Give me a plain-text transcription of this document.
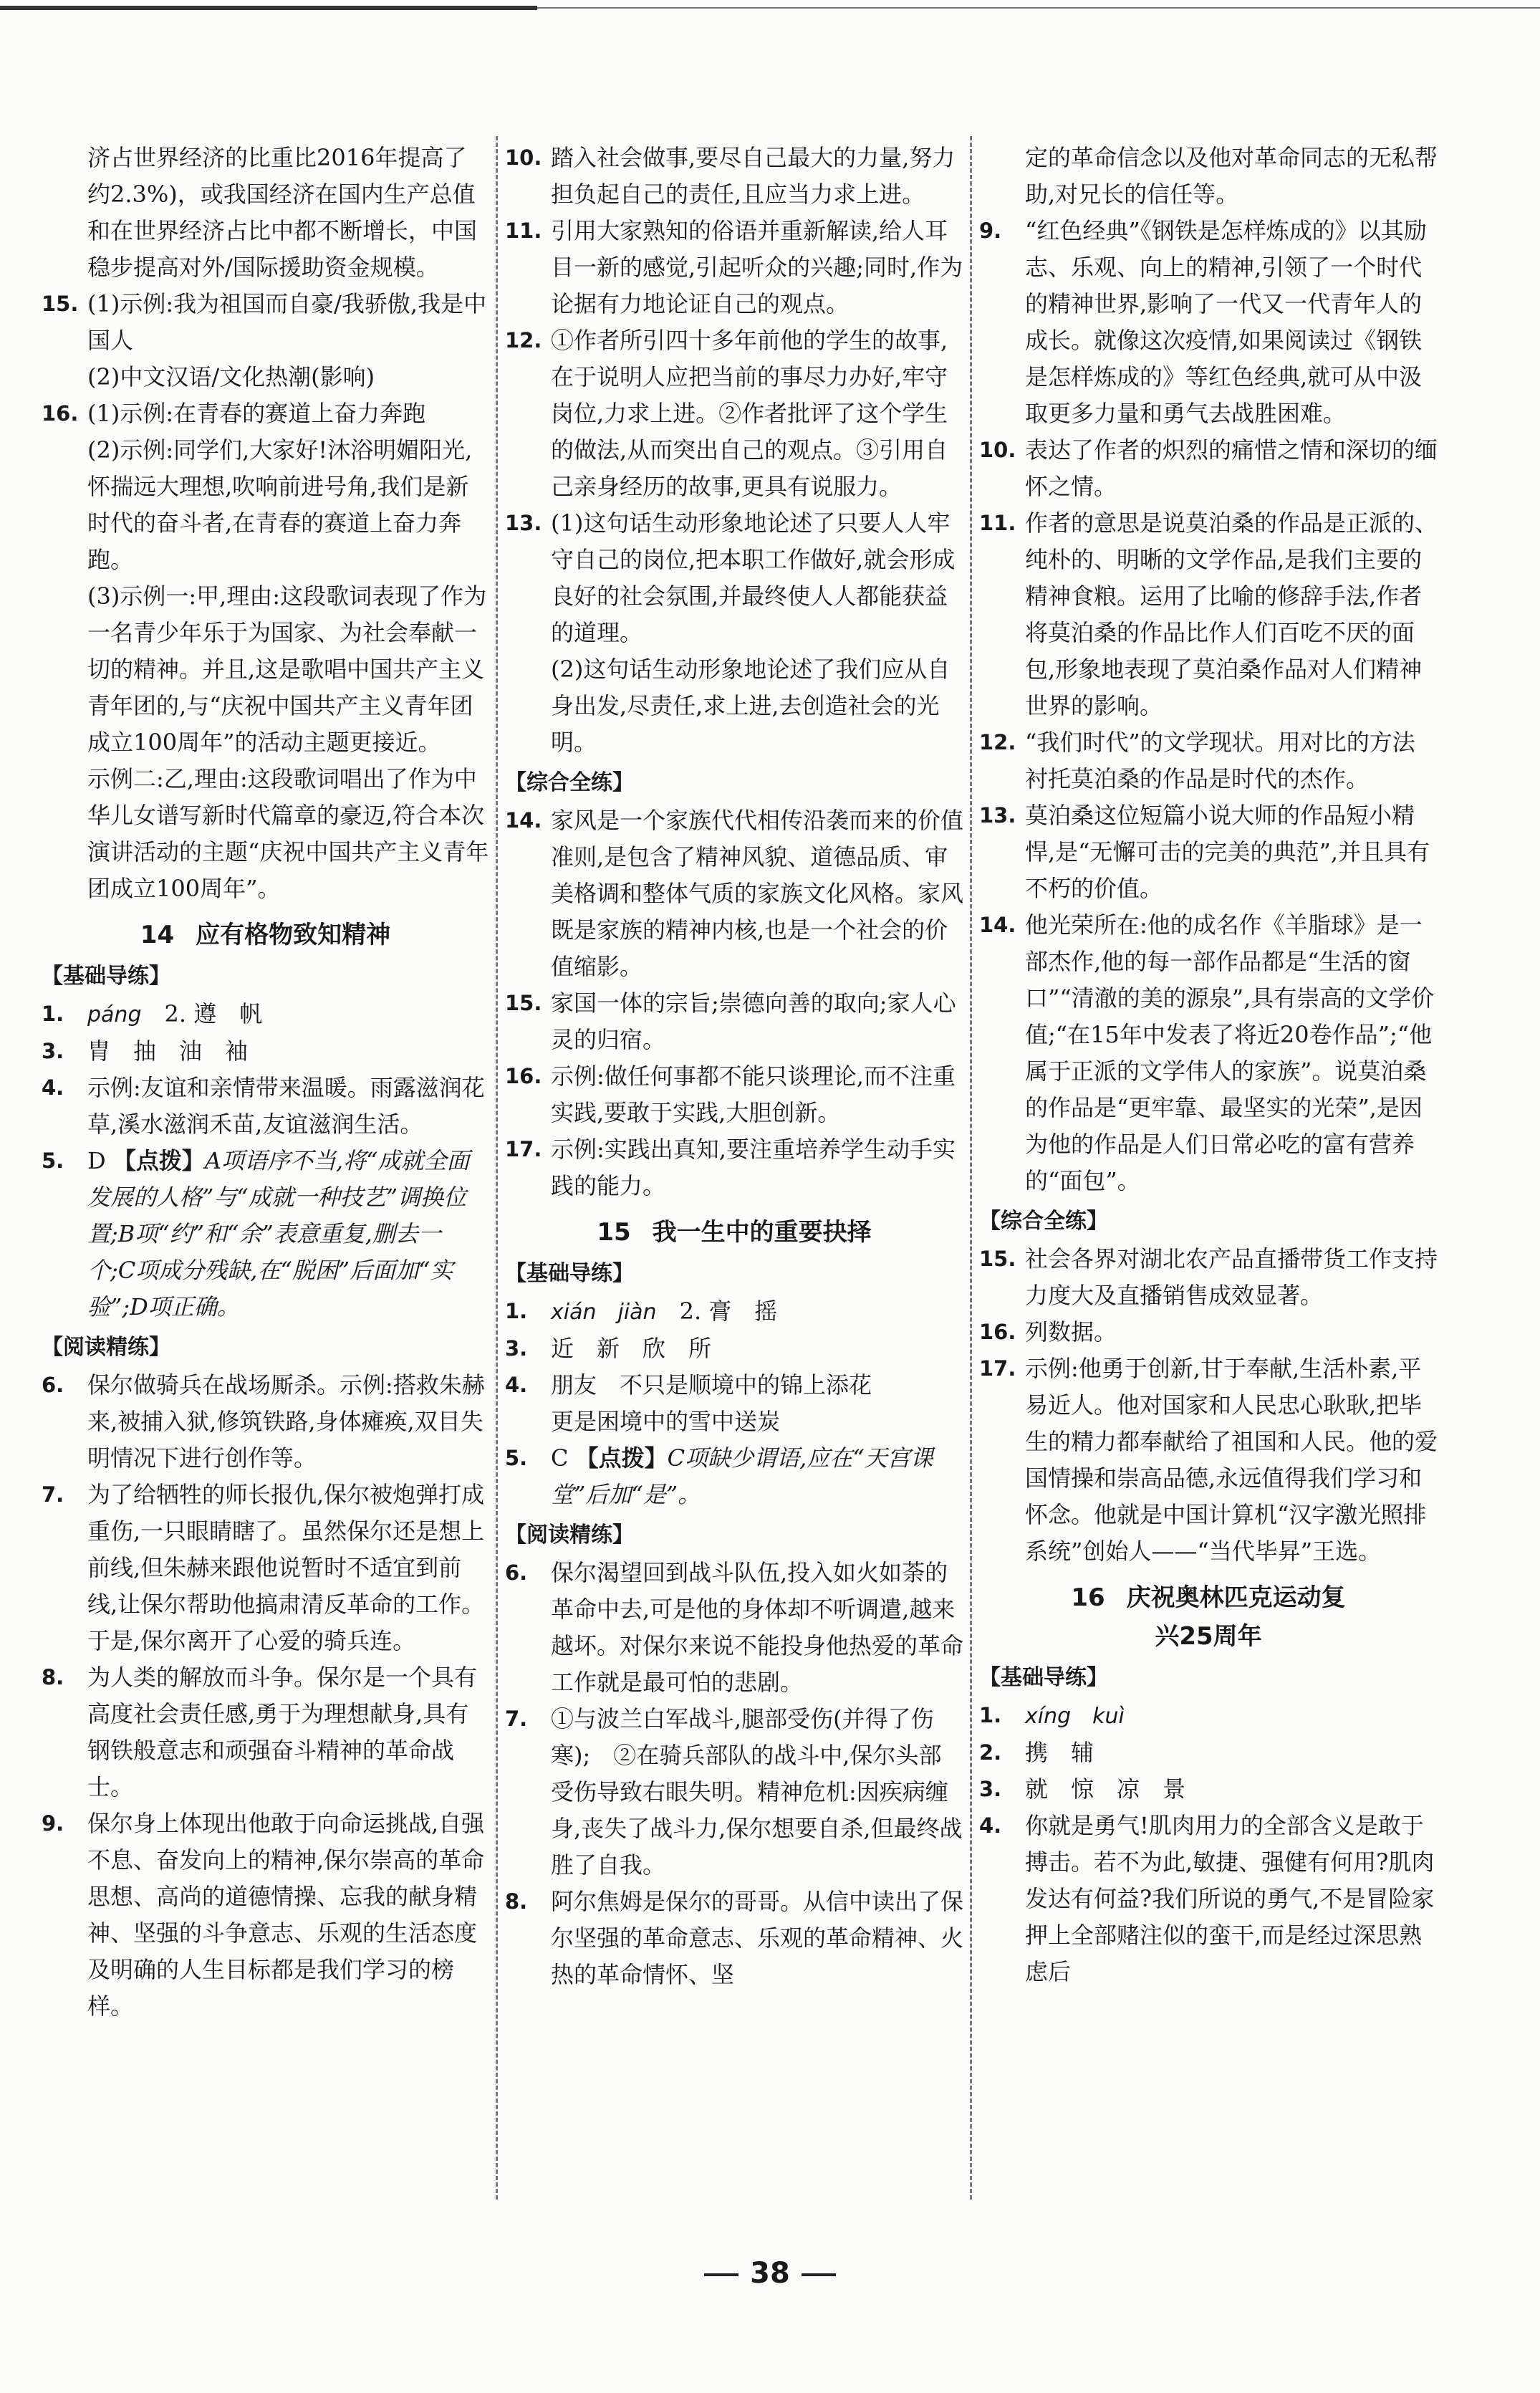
济占世界经济的比重比2016年提高了约2.3%)，或我国经济在国内生产总值和在世界经济占比中都不断增长，中国稳步提高对外/国际援助资金规模。

15. (1)示例:我为祖国而自豪/我骄傲,我是中国人
(2)中文汉语/文化热潮(影响)
16. (1)示例:在青春的赛道上奋力奔跑
(2)示例:同学们,大家好!沐浴明媚阳光,怀揣远大理想,吹响前进号角,我们是新时代的奋斗者,在青春的赛道上奋力奔跑。
(3)示例一:甲,理由:这段歌词表现了作为一名青少年乐于为国家、为社会奉献一切的精神。并且,这是歌唱中国共产主义青年团的,与“庆祝中国共产主义青年团成立100周年”的活动主题更接近。
示例二:乙,理由:这段歌词唱出了作为中华儿女谱写新时代篇章的豪迈,符合本次演讲活动的主题“庆祝中国共产主义青年团成立100周年”。
14 应有格物致知精神
【基础导练】
1. páng　 2. 遵　帆
3. 胄　抽　油　袖
4. 示例:友谊和亲情带来温暖。雨露滋润花草,溪水滋润禾苗,友谊滋润生活。
5. D 【点拨】A项语序不当,将“成就全面发展的人格”与“成就一种技艺”调换位置;B项“约”和“余”表意重复,删去一个;C项成分残缺,在“脱困”后面加“实验”;D项正确。
【阅读精练】
6. 保尔做骑兵在战场厮杀。示例:搭救朱赫来,被捕入狱,修筑铁路,身体瘫痪,双目失明情况下进行创作等。
7. 为了给牺牲的师长报仇,保尔被炮弹打成重伤,一只眼睛瞎了。虽然保尔还是想上前线,但朱赫来跟他说暂时不适宜到前线,让保尔帮助他搞肃清反革命的工作。于是,保尔离开了心爱的骑兵连。
8. 为人类的解放而斗争。保尔是一个具有高度社会责任感,勇于为理想献身,具有钢铁般意志和顽强奋斗精神的革命战士。
9. 保尔身上体现出他敢于向命运挑战,自强不息、奋发向上的精神,保尔崇高的革命思想、高尚的道德情操、忘我的献身精神、坚强的斗争意志、乐观的生活态度及明确的人生目标都是我们学习的榜样。
10. 踏入社会做事,要尽自己最大的力量,努力担负起自己的责任,且应当力求上进。
11. 引用大家熟知的俗语并重新解读,给人耳目一新的感觉,引起听众的兴趣;同时,作为论据有力地论证自己的观点。
12. ①作者所引四十多年前他的学生的故事,在于说明人应把当前的事尽力办好,牢守岗位,力求上进。②作者批评了这个学生的做法,从而突出自己的观点。③引用自己亲身经历的故事,更具有说服力。
13. (1)这句话生动形象地论述了只要人人牢守自己的岗位,把本职工作做好,就会形成良好的社会氛围,并最终使人人都能获益的道理。
(2)这句话生动形象地论述了我们应从自身出发,尽责任,求上进,去创造社会的光明。
【综合全练】
14. 家风是一个家族代代相传沿袭而来的价值准则,是包含了精神风貌、道德品质、审美格调和整体气质的家族文化风格。家风既是家族的精神内核,也是一个社会的价值缩影。
15. 家国一体的宗旨;崇德向善的取向;家人心灵的归宿。
16. 示例:做任何事都不能只谈理论,而不注重实践,要敢于实践,大胆创新。
17. 示例:实践出真知,要注重培养学生动手实践的能力。
15 我一生中的重要抉择
【基础导练】
1. xián　jiàn　 2. 膏　摇
3. 近　新　欣　所
4. 朋友　不只是顺境中的锦上添花
更是困境中的雪中送炭
5. C 【点拨】C项缺少谓语,应在“天宫课堂”后加“是”。
【阅读精练】
6. 保尔渴望回到战斗队伍,投入如火如荼的革命中去,可是他的身体却不听调遣,越来越坏。对保尔来说不能投身他热爱的革命工作就是最可怕的悲剧。
7. ①与波兰白军战斗,腿部受伤(并得了伤寒);　②在骑兵部队的战斗中,保尔头部受伤导致右眼失明。精神危机:因疾病缠身,丧失了战斗力,保尔想要自杀,但最终战胜了自我。
8. 阿尔焦姆是保尔的哥哥。从信中读出了保尔坚强的革命意志、乐观的革命精神、火热的革命情怀、坚

定的革命信念以及他对革命同志的无私帮助,对兄长的信任等。

9. “红色经典”《钢铁是怎样炼成的》以其励志、乐观、向上的精神,引领了一个时代的精神世界,影响了一代又一代青年人的成长。就像这次疫情,如果阅读过《钢铁是怎样炼成的》等红色经典,就可从中汲取更多力量和勇气去战胜困难。
10. 表达了作者的炽烈的痛惜之情和深切的缅怀之情。
11. 作者的意思是说莫泊桑的作品是正派的、纯朴的、明晰的文学作品,是我们主要的精神食粮。运用了比喻的修辞手法,作者将莫泊桑的作品比作人们百吃不厌的面包,形象地表现了莫泊桑作品对人们精神世界的影响。
12. “我们时代”的文学现状。用对比的方法衬托莫泊桑的作品是时代的杰作。
13. 莫泊桑这位短篇小说大师的作品短小精悍,是“无懈可击的完美的典范”,并且具有不朽的价值。
14. 他光荣所在:他的成名作《羊脂球》是一部杰作,他的每一部作品都是“生活的窗口”“清澈的美的源泉”,具有崇高的文学价值;“在15年中发表了将近20卷作品”;“他属于正派的文学伟人的家族”。说莫泊桑的作品是“更牢靠、最坚实的光荣”,是因为他的作品是人们日常必吃的富有营养的“面包”。
【综合全练】
15. 社会各界对湖北农产品直播带货工作支持力度大及直播销售成效显著。
16. 列数据。
17. 示例:他勇于创新,甘于奉献,生活朴素,平易近人。他对国家和人民忠心耿耿,把毕生的精力都奉献给了祖国和人民。他的爱国情操和崇高品德,永远值得我们学习和怀念。他就是中国计算机“汉字激光照排系统”创始人——“当代毕昇”王选。
16 庆祝奥林匹克运动复
兴25周年
【基础导练】
1. xíng　kuì
2. 携　辅
3. 就　惊　凉　景
4. 你就是勇气!肌肉用力的全部含义是敢于搏击。若不为此,敏捷、强健有何用?肌肉发达有何益?我们所说的勇气,不是冒险家押上全部赌注似的蛮干,而是经过深思熟虑后
38
